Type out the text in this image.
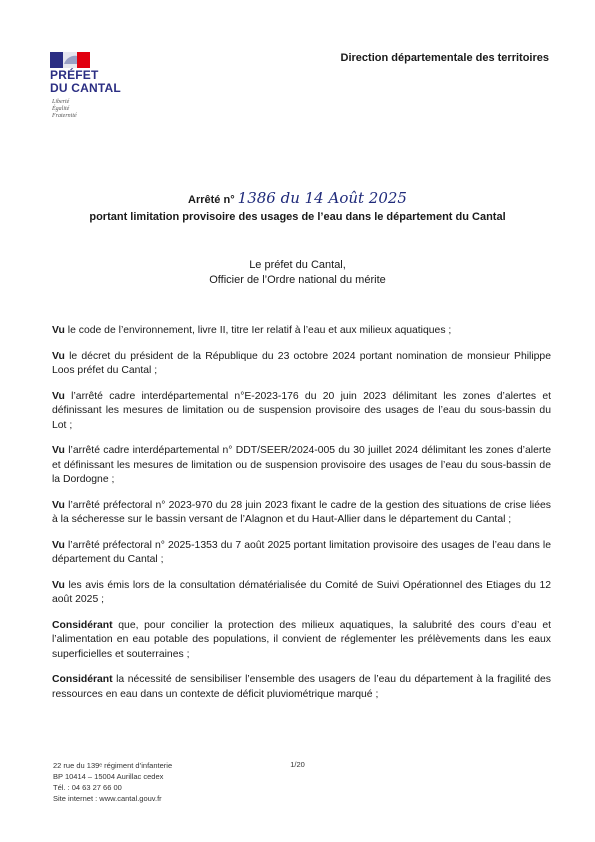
PRÉFET
DU CANTAL
Liberté
Égalité
Fraternité
Direction départementale des territoires
Arrêté n° 1386 du 14 Août 2025
portant limitation provisoire des usages de l’eau dans le département du Cantal
Le préfet du Cantal,
Officier de l’Ordre national du mérite

Vu le code de l’environnement, livre II, titre Ier relatif à l’eau et aux milieux aquatiques ;

Vu le décret du président de la République du 23 octobre 2024 portant nomination de monsieur Philippe Loos préfet du Cantal ;

Vu l’arrêté cadre interdépartemental n°E-2023-176 du 20 juin 2023 délimitant les zones d’alertes et définissant les mesures de limitation ou de suspension provisoire des usages de l’eau du sous-bassin du Lot ;

Vu l’arrêté cadre interdépartemental n° DDT/SEER/2024-005 du 30 juillet 2024 délimitant les zones d’alerte et définissant les mesures de limitation ou de suspension provisoire des usages de l’eau du sous-bassin de la Dordogne ;

Vu l’arrêté préfectoral n° 2023-970 du 28 juin 2023 fixant le cadre de la gestion des situations de crise liées à la sécheresse sur le bassin versant de l’Alagnon et du Haut-Allier dans le département du Cantal ;

Vu l’arrêté préfectoral n° 2025-1353 du 7 août 2025 portant limitation provisoire des usages de l’eau dans le département du Cantal ;

Vu les avis émis lors de la consultation dématérialisée du Comité de Suivi Opérationnel des Etiages du 12 août 2025 ;

Considérant que, pour concilier la protection des milieux aquatiques, la salubrité des cours d’eau et l’alimentation en eau potable des populations, il convient de réglementer les prélèvements dans les eaux superficielles et souterraines ;

Considérant la nécessité de sensibiliser l’ensemble des usagers de l’eau du département à la fragilité des ressources en eau dans un contexte de déficit pluviométrique marqué ;

22 rue du 139ᵉ régiment d’infanterie
BP 10414 – 15004 Aurillac cedex
Tél. : 04 63 27 66 00
Site internet : www.cantal.gouv.fr
1/20
